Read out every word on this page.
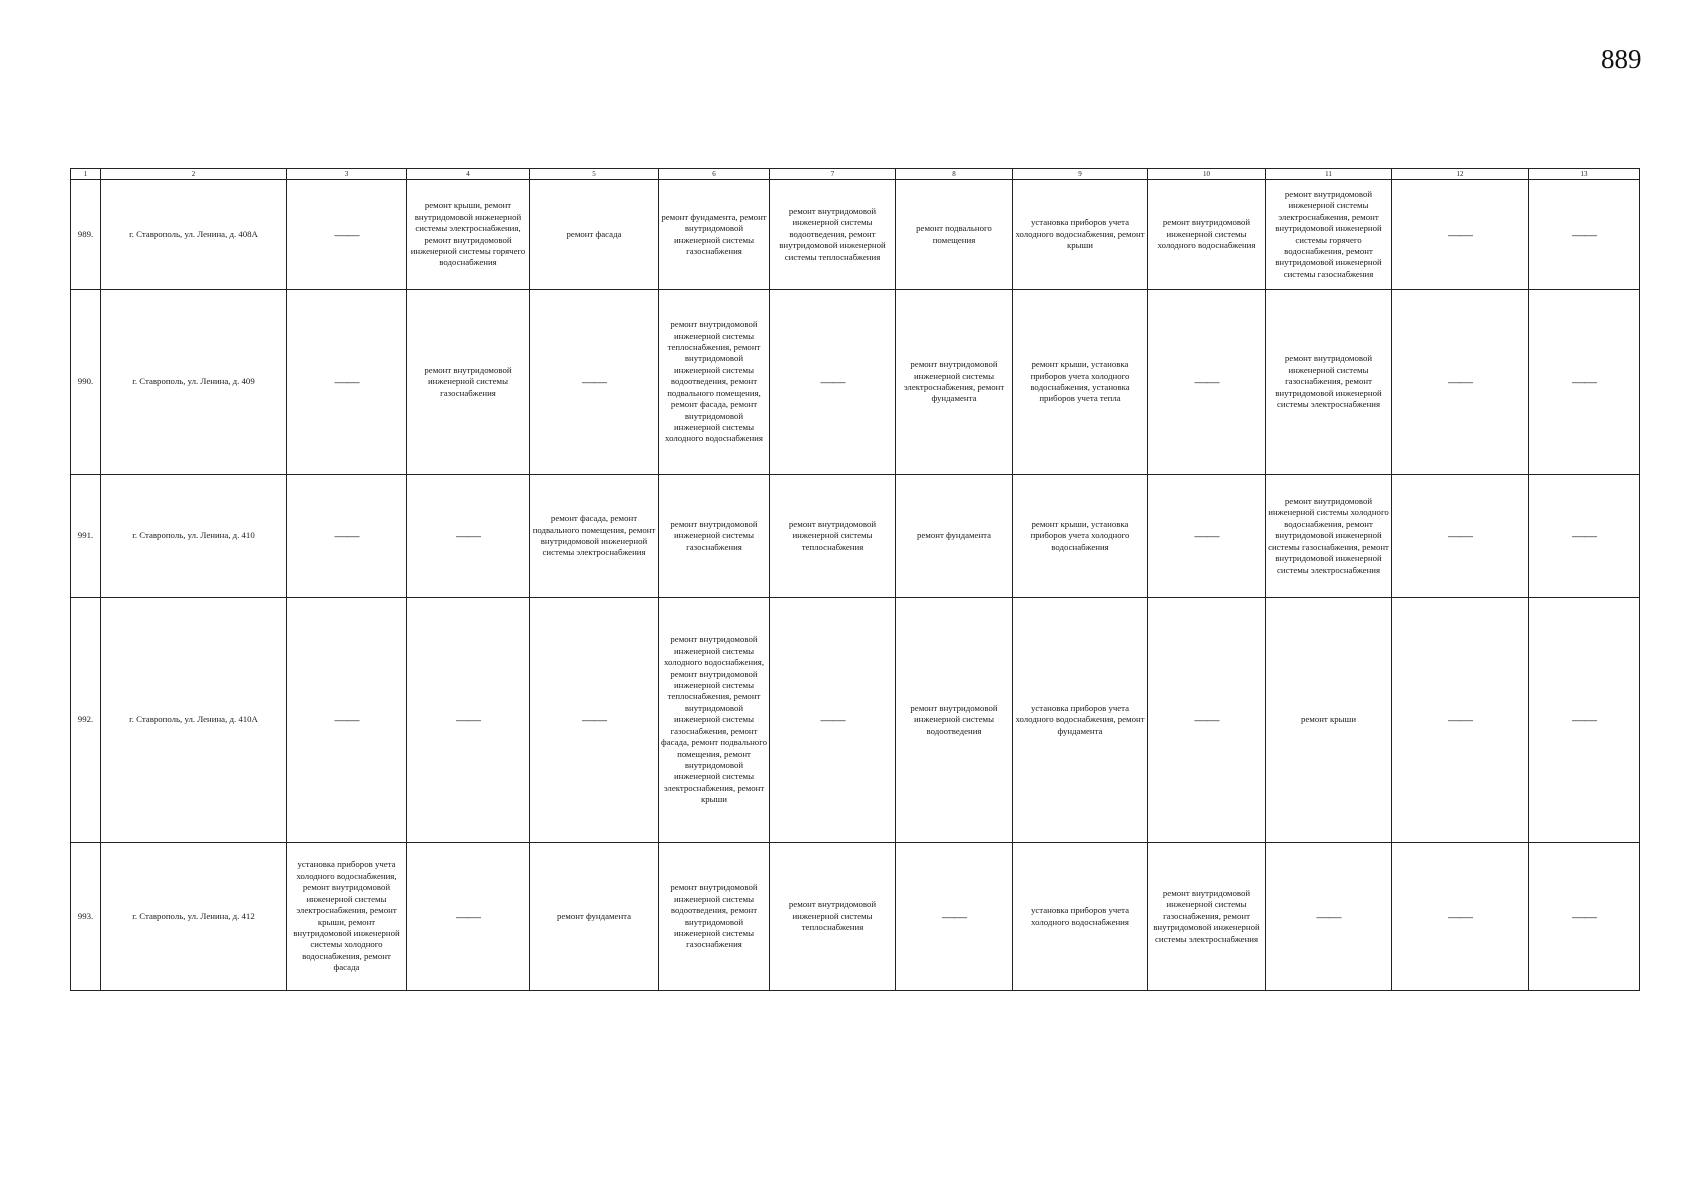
889
1	2	3	4	5	6	7	8	9	10	11	12	13
989.	г. Ставрополь, ул. Ленина, д. 408А	——	ремонт крыши, ремонт внутридомовой инженерной системы электроснабжения, ремонт внутридомовой инженерной системы горячего водоснабжения	ремонт фасада	ремонт фундамента, ремонт внутридомовой инженерной системы газоснабжения	ремонт внутридомовой инженерной системы водоотведения, ремонт внутридомовой инженерной системы теплоснабжения	ремонт подвального помещения	установка приборов учета холодного водоснабжения, ремонт крыши	ремонт внутридомовой инженерной системы холодного водоснабжения	ремонт внутридомовой инженерной системы электроснабжения, ремонт внутридомовой инженерной системы горячего водоснабжения, ремонт внутридомовой инженерной системы газоснабжения	——	——
990.	г. Ставрополь, ул. Ленина, д. 409	——	ремонт внутридомовой инженерной системы газоснабжения	——	ремонт внутридомовой инженерной системы теплоснабжения, ремонт внутридомовой инженерной системы водоотведения, ремонт подвального помещения, ремонт фасада, ремонт внутридомовой инженерной системы холодного водоснабжения	——	ремонт внутридомовой инженерной системы электроснабжения, ремонт фундамента	ремонт крыши, установка приборов учета холодного водоснабжения, установка приборов учета тепла	——	ремонт внутридомовой инженерной системы газоснабжения, ремонт внутридомовой инженерной системы электроснабжения	——	——
991.	г. Ставрополь, ул. Ленина, д. 410	——	——	ремонт фасада, ремонт подвального помещения, ремонт внутридомовой инженерной системы электроснабжения	ремонт внутридомовой инженерной системы газоснабжения	ремонт внутридомовой инженерной системы теплоснабжения	ремонт фундамента	ремонт крыши, установка приборов учета холодного водоснабжения	——	ремонт внутридомовой инженерной системы холодного водоснабжения, ремонт внутридомовой инженерной системы газоснабжения, ремонт внутридомовой инженерной системы электроснабжения	——	——
992.	г. Ставрополь, ул. Ленина, д. 410А	——	——	——	ремонт внутридомовой инженерной системы холодного водоснабжения, ремонт внутридомовой инженерной системы теплоснабжения, ремонт внутридомовой инженерной системы газоснабжения, ремонт фасада, ремонт подвального помещения, ремонт внутридомовой инженерной системы электроснабжения, ремонт крыши	——	ремонт внутридомовой инженерной системы водоотведения	установка приборов учета холодного водоснабжения, ремонт фундамента	——	ремонт крыши	——	——
993.	г. Ставрополь, ул. Ленина, д. 412	установка приборов учета холодного водоснабжения, ремонт внутридомовой инженерной системы электроснабжения, ремонт крыши, ремонт внутридомовой инженерной системы холодного водоснабжения, ремонт фасада	——	ремонт фундамента	ремонт внутридомовой инженерной системы водоотведения, ремонт внутридомовой инженерной системы газоснабжения	ремонт внутридомовой инженерной системы теплоснабжения	——	установка приборов учета холодного водоснабжения	ремонт внутридомовой инженерной системы газоснабжения, ремонт внутридомовой инженерной системы электроснабжения	——	——	——
